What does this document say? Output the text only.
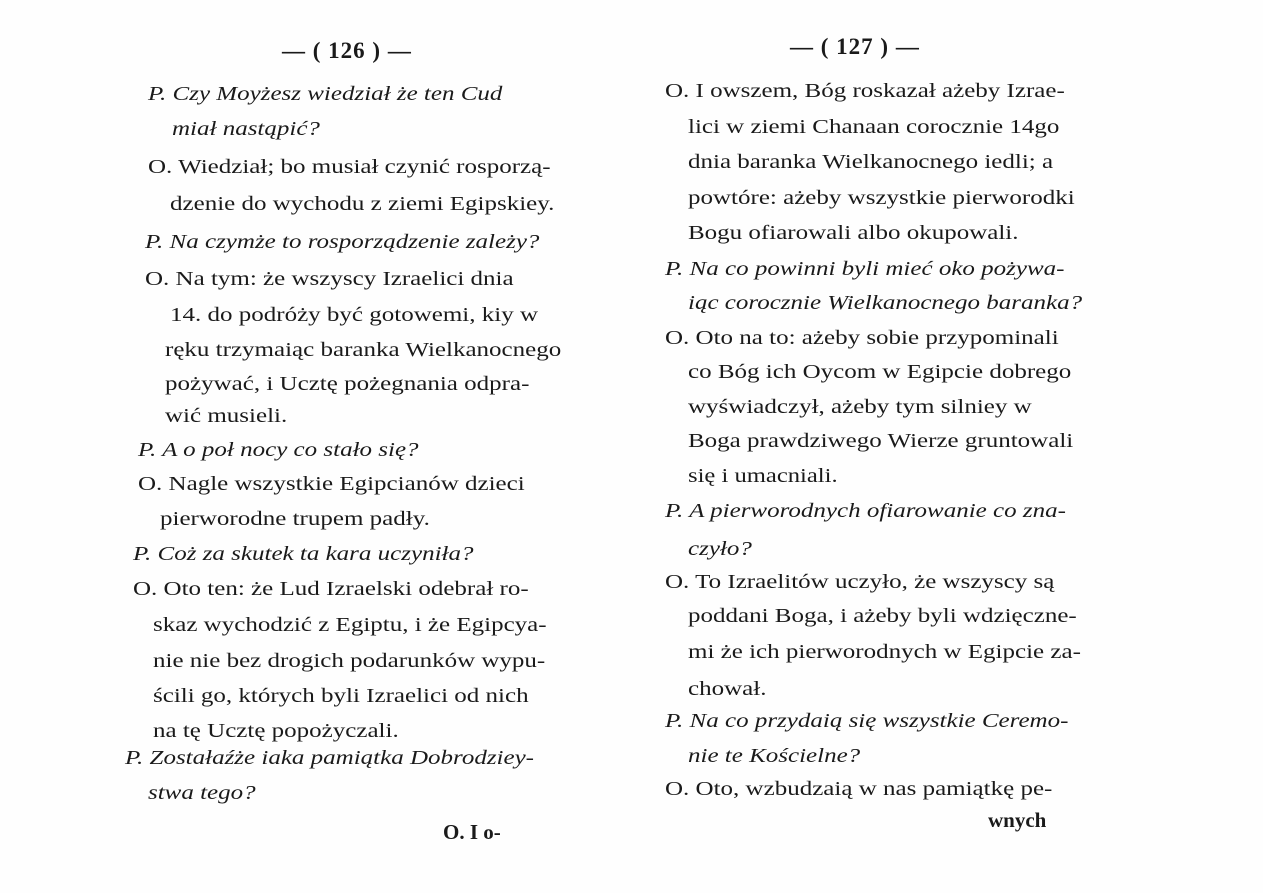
— ( 126 ) —
P. Czy Moyżesz wiedział że ten Cud
miał nastąpić?
O. Wiedział; bo musiał czynić rosporzą-
dzenie do wychodu z ziemi Egipskiey.
P. Na czymże to rosporządzenie zależy?
O. Na tym: że wszyscy Izraelici dnia
14. do podróży być gotowemi, kiy w
ręku trzymaiąc baranka Wielkanocnego
pożywać, i Ucztę pożegnania odpra-
wić musieli.
P. A o poł nocy co stało się?
O. Nagle wszystkie Egipcianów dzieci
pierworodne trupem padły.
P. Coż za skutek ta kara uczyniła?
O. Oto ten: że Lud Izraelski odebrał ro-
skaz wychodzić z Egiptu, i że Egipcya-
nie nie bez drogich podarunków wypu-
ścili go, których byli Izraelici od nich
na tę Ucztę popożyczali.
P. Zostałaźże iaka pamiątka Dobrodziey-
stwa tego?
O. I o-
— ( 127 ) —
O. I owszem, Bóg roskazał ażeby Izrae-
lici w ziemi Chanaan corocznie 14go
dnia baranka Wielkanocnego iedli; a
powtóre: ażeby wszystkie pierworodki
Bogu ofiarowali albo okupowali.
P. Na co powinni byli mieć oko pożywa-
iąc corocznie Wielkanocnego baranka?
O. Oto na to: ażeby sobie przypominali
co Bóg ich Oycom w Egipcie dobrego
wyświadczył, ażeby tym silniey w
Boga prawdziwego Wierze gruntowali
się i umacniali.
P. A pierworodnych ofiarowanie co zna-
czyło?
O. To Izraelitów uczyło, że wszyscy są
poddani Boga, i ażeby byli wdzięczne-
mi że ich pierworodnych w Egipcie za-
chował.
P. Na co przydaią się wszystkie Ceremo-
nie te Kościelne?
O. Oto, wzbudzaią w nas pamiątkę pe-
wnych
